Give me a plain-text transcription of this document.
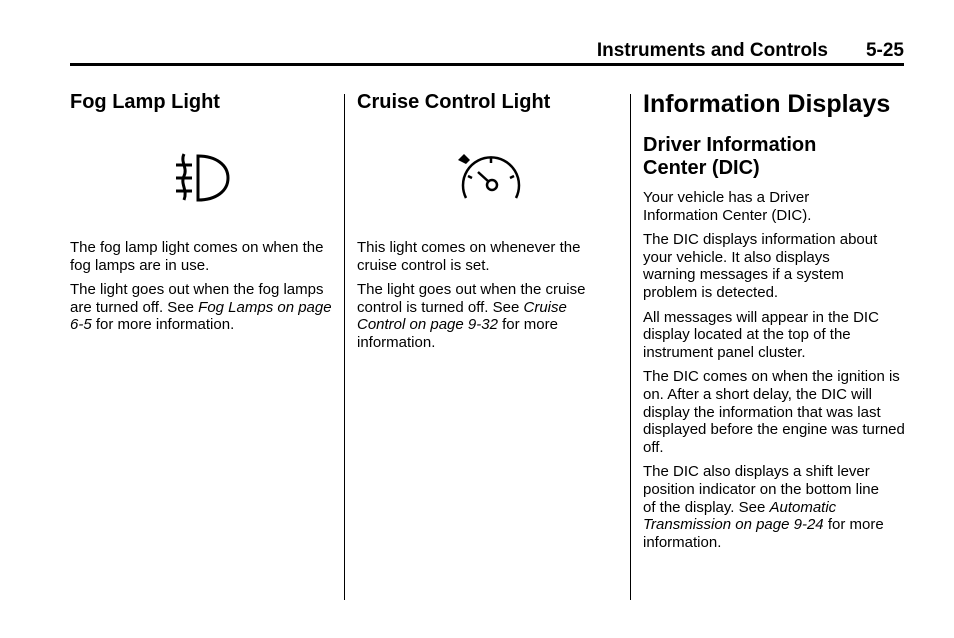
Instruments and Controls 5-25
Fog Lamp Light

The fog lamp light comes on when the fog lamps are in use.

The light goes out when the fog lamps are turned off. See Fog Lamps on page 6-5 for more information.

Cruise Control Light

This light comes on whenever the cruise control is set.

The light goes out when the cruise control is turned off. See Cruise Control on page 9-32 for more information.

Information Displays
Driver Information Center (DIC)

Your vehicle has a Driver Information Center (DIC).

The DIC displays information about your vehicle. It also displays warning messages if a system problem is detected.

All messages will appear in the DIC display located at the top of the instrument panel cluster.

The DIC comes on when the ignition is on. After a short delay, the DIC will display the information that was last displayed before the engine was turned off.

The DIC also displays a shift lever position indicator on the bottom line of the display. See Automatic Transmission on page 9-24 for more information.
